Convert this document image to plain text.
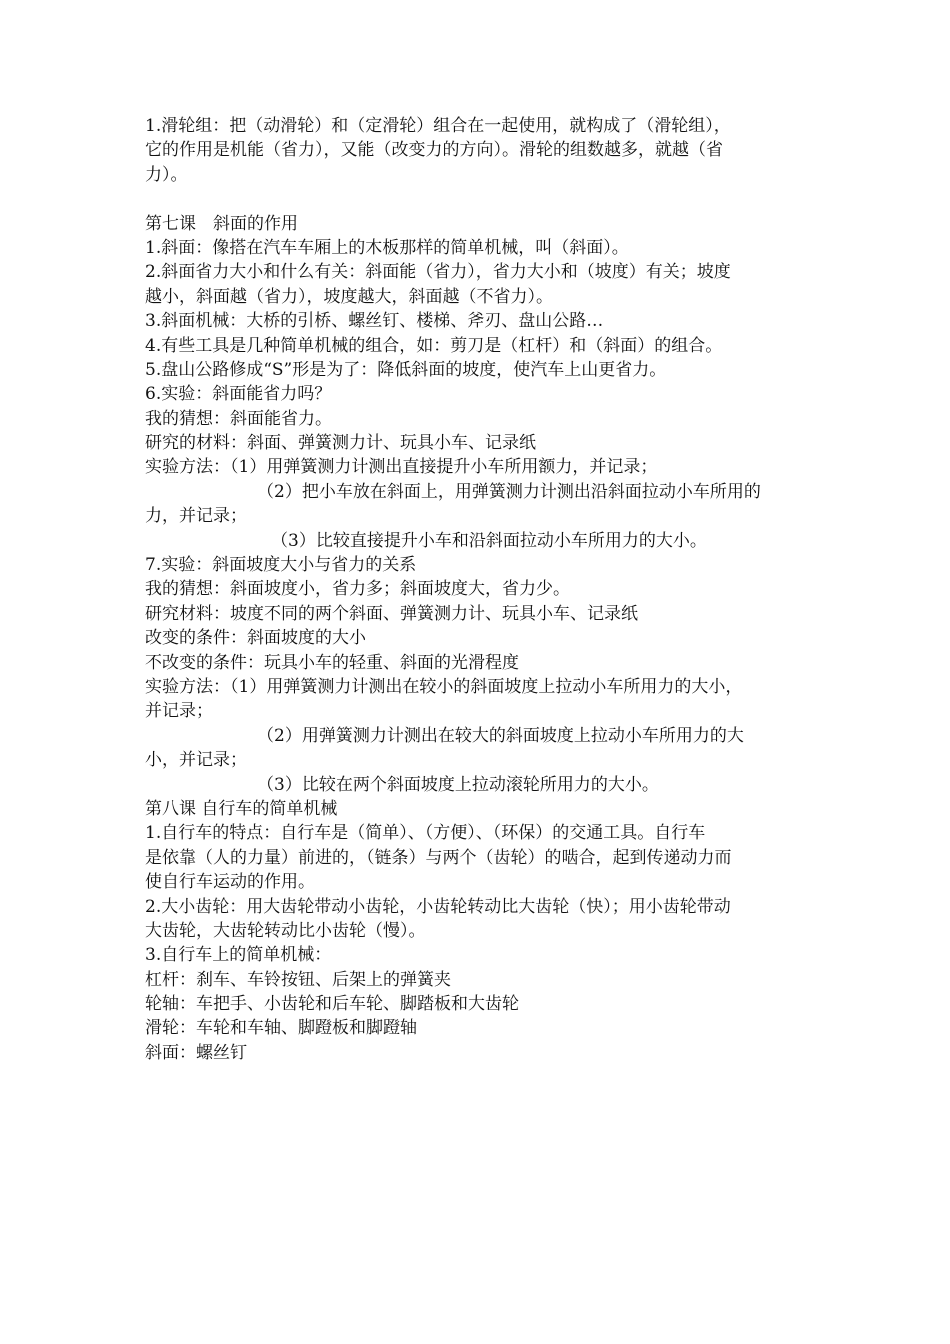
1.滑轮组：把（动滑轮）和（定滑轮）组合在一起使用，就构成了（滑轮组），
它的作用是机能（省力），又能（改变力的方向）。滑轮的组数越多，就越（省
力）。
第七课　斜面的作用
1.斜面：像搭在汽车车厢上的木板那样的简单机械，叫（斜面）。
2.斜面省力大小和什么有关：斜面能（省力），省力大小和（坡度）有关；坡度
越小，斜面越（省力），坡度越大，斜面越（不省力）。
3.斜面机械：大桥的引桥、螺丝钉、楼梯、斧刃、盘山公路…
4.有些工具是几种简单机械的组合，如：剪刀是（杠杆）和（斜面）的组合。
5.盘山公路修成“S”形是为了：降低斜面的坡度，使汽车上山更省力。
6.实验：斜面能省力吗？
我的猜想：斜面能省力。
研究的材料：斜面、弹簧测力计、玩具小车、记录纸
实验方法：（1）用弹簧测力计测出直接提升小车所用额力，并记录；
（2）把小车放在斜面上，用弹簧测力计测出沿斜面拉动小车所用的
力，并记录；
（3）比较直接提升小车和沿斜面拉动小车所用力的大小。
7.实验：斜面坡度大小与省力的关系
我的猜想：斜面坡度小，省力多；斜面坡度大，省力少。
研究材料：坡度不同的两个斜面、弹簧测力计、玩具小车、记录纸
改变的条件：斜面坡度的大小
不改变的条件：玩具小车的轻重、斜面的光滑程度
实验方法：（1）用弹簧测力计测出在较小的斜面坡度上拉动小车所用力的大小，
并记录；
（2）用弹簧测力计测出在较大的斜面坡度上拉动小车所用力的大
小，并记录；
（3）比较在两个斜面坡度上拉动滚轮所用力的大小。
第八课 自行车的简单机械
1.自行车的特点：自行车是（简单）、（方便）、（环保）的交通工具。自行车
是依靠（人的力量）前进的，（链条）与两个（齿轮）的啮合，起到传递动力而
使自行车运动的作用。
2.大小齿轮：用大齿轮带动小齿轮，小齿轮转动比大齿轮（快）；用小齿轮带动
大齿轮，大齿轮转动比小齿轮（慢）。
3.自行车上的简单机械：
杠杆：刹车、车铃按钮、后架上的弹簧夹
轮轴：车把手、小齿轮和后车轮、脚踏板和大齿轮
滑轮：车轮和车轴、脚蹬板和脚蹬轴
斜面：螺丝钉
